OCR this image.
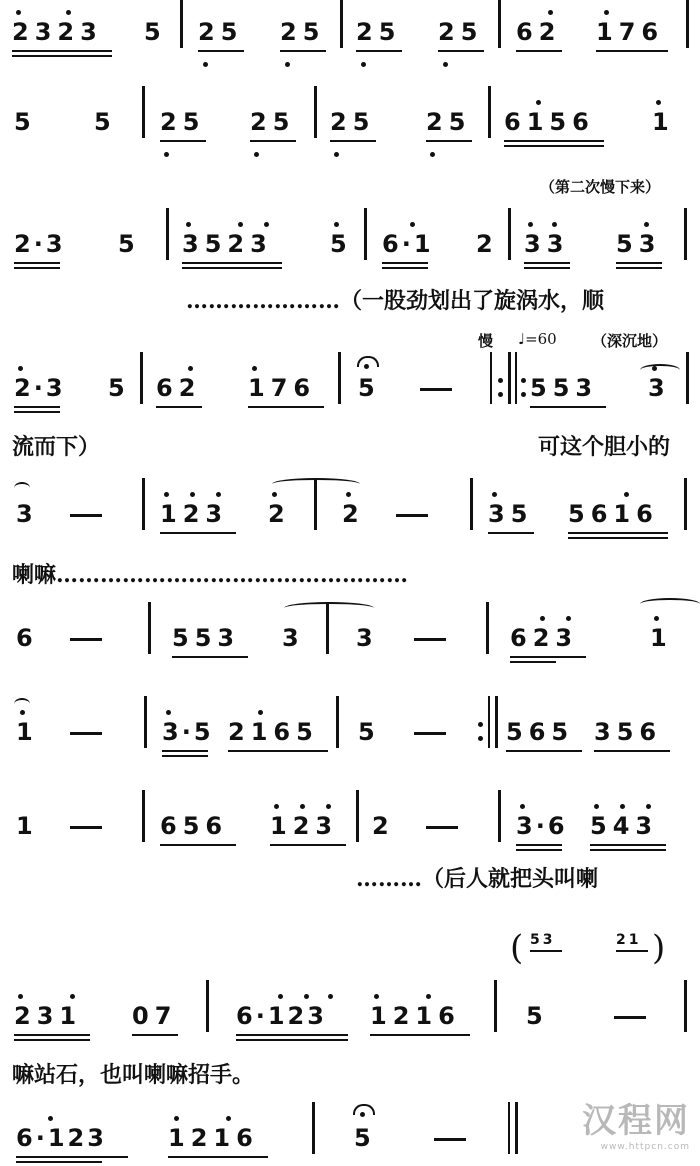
2323 5 25 25 25 25 62 176
5 5 25 25 25 25 6156 1
（第二次慢下来）
2·3 5 3523 5 6·1 2 33 53
…………………（一股劲划出了旋涡水，顺
慢 ♩=60 （深沉地）
2·3 5 62 176 5	553 3
流而下）	可这个胆小的
3	123 2 2	35 5616
喇嘛…………………………………………
6	553 3 3	623	1
1	3·5 2165 5	565 356
1	656 123 2	3·6 543
………（后人就把头叫喇
231 07 6·123 1216	5
( 53	21 )
嘛站石，也叫喇嘛招手。
6·123	1216	5	汉程网
www.httpcn.com
